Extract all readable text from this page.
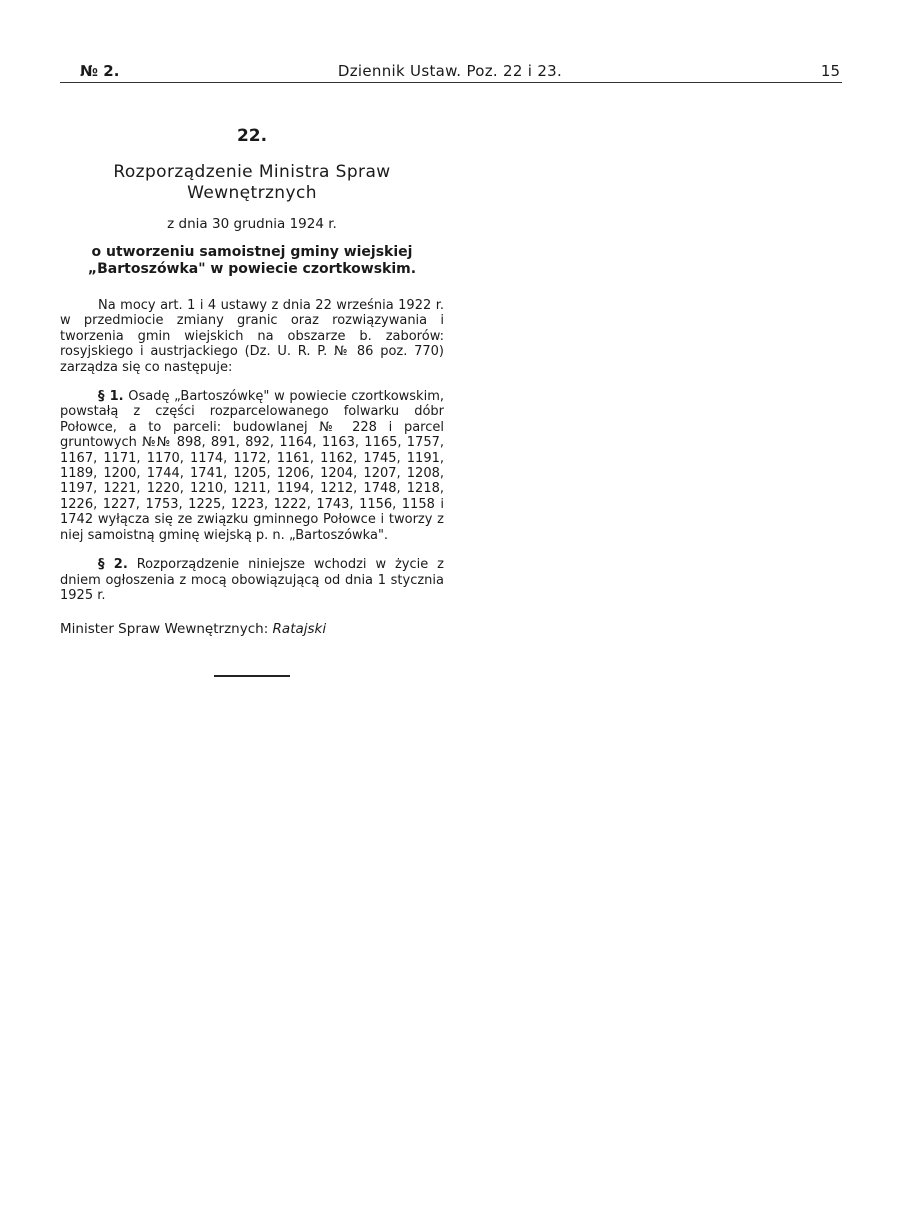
№ 2.	Dziennik Ustaw. Poz. 22 i 23.	15
22.
Rozporządzenie Ministra Spraw
Wewnętrznych
z dnia 30 grudnia 1924 r.
o utworzeniu samoistnej gminy wiejskiej „Bartoszówka" w powiecie czortkowskim.

Na mocy art. 1 i 4 ustawy z dnia 22 września 1922 r. w przedmiocie zmiany granic oraz rozwiązywania i tworzenia gmin wiejskich na obszarze b. zaborów: rosyjskiego i austrjackiego (Dz. U. R. P. № 86 poz. 770) zarządza się co następuje:

§ 1. Osadę „Bartoszówkę" w powiecie czortkowskim, powstałą z części rozparcelowanego folwarku dóbr Połowce, a to parceli: budowlanej № 228 i parcel gruntowych №№ 898, 891, 892, 1164, 1163, 1165, 1757, 1167, 1171, 1170, 1174, 1172, 1161, 1162, 1745, 1191, 1189, 1200, 1744, 1741, 1205, 1206, 1204, 1207, 1208, 1197, 1221, 1220, 1210, 1211, 1194, 1212, 1748, 1218, 1226, 1227, 1753, 1225, 1223, 1222, 1743, 1156, 1158 i 1742 wyłącza się ze związku gminnego Połowce i tworzy z niej samoistną gminę wiejską p. n. „Bartoszówka".

§ 2. Rozporządzenie niniejsze wchodzi w życie z dniem ogłoszenia z mocą obowiązującą od dnia 1 stycznia 1925 r.

Minister Spraw Wewnętrznych: Ratajski
